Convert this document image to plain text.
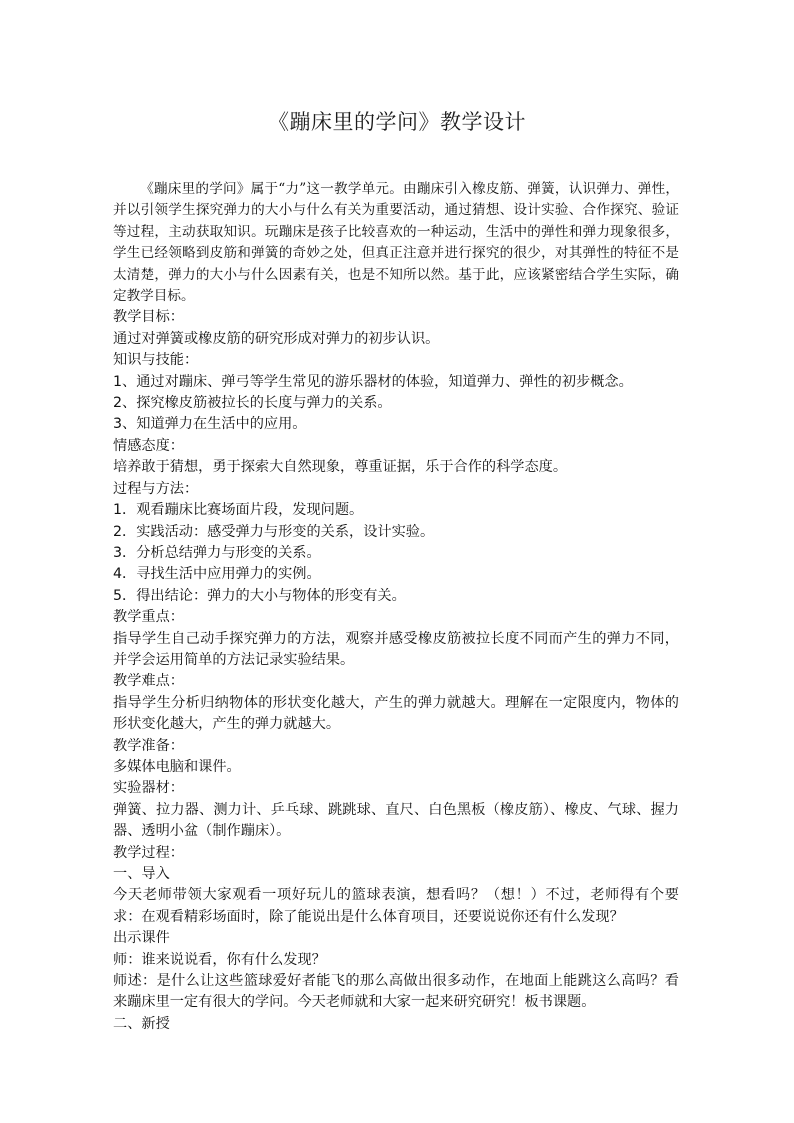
《蹦床里的学问》教学设计

《蹦床里的学问》属于“力”这一教学单元。由蹦床引入橡皮筋、弹簧，认识弹力、弹性，并以引领学生探究弹力的大小与什么有关为重要活动，通过猜想、设计实验、合作探究、验证等过程，主动获取知识。玩蹦床是孩子比较喜欢的一种运动，生活中的弹性和弹力现象很多，学生已经领略到皮筋和弹簧的奇妙之处，但真正注意并进行探究的很少，对其弹性的特征不是太清楚，弹力的大小与什么因素有关，也是不知所以然。基于此，应该紧密结合学生实际，确定教学目标。

教学目标：

通过对弹簧或橡皮筋的研究形成对弹力的初步认识。

知识与技能：

1、通过对蹦床、弹弓等学生常见的游乐器材的体验，知道弹力、弹性的初步概念。

2、探究橡皮筋被拉长的长度与弹力的关系。

3、知道弹力在生活中的应用。

情感态度：

培养敢于猜想，勇于探索大自然现象，尊重证据，乐于合作的科学态度。

过程与方法：

1．观看蹦床比赛场面片段，发现问题。

2．实践活动：感受弹力与形变的关系，设计实验。

3．分析总结弹力与形变的关系。

4．寻找生活中应用弹力的实例。

5．得出结论：弹力的大小与物体的形变有关。

教学重点：

指导学生自己动手探究弹力的方法，观察并感受橡皮筋被拉长度不同而产生的弹力不同，并学会运用简单的方法记录实验结果。

教学难点：

指导学生分析归纳物体的形状变化越大，产生的弹力就越大。理解在一定限度内，物体的形状变化越大，产生的弹力就越大。

教学准备：

多媒体电脑和课件。

实验器材：

弹簧、拉力器、测力计、乒乓球、跳跳球、直尺、白色黑板（橡皮筋）、橡皮、气球、握力器、透明小盆（制作蹦床）。

教学过程：

一、导入

今天老师带领大家观看一项好玩儿的篮球表演，想看吗？（想！）不过，老师得有个要求：在观看精彩场面时，除了能说出是什么体育项目，还要说说你还有什么发现？

出示课件

师：谁来说说看，你有什么发现？

师述：是什么让这些篮球爱好者能飞的那么高做出很多动作，在地面上能跳这么高吗？看来蹦床里一定有很大的学问。今天老师就和大家一起来研究研究！板书课题。

二、新授
